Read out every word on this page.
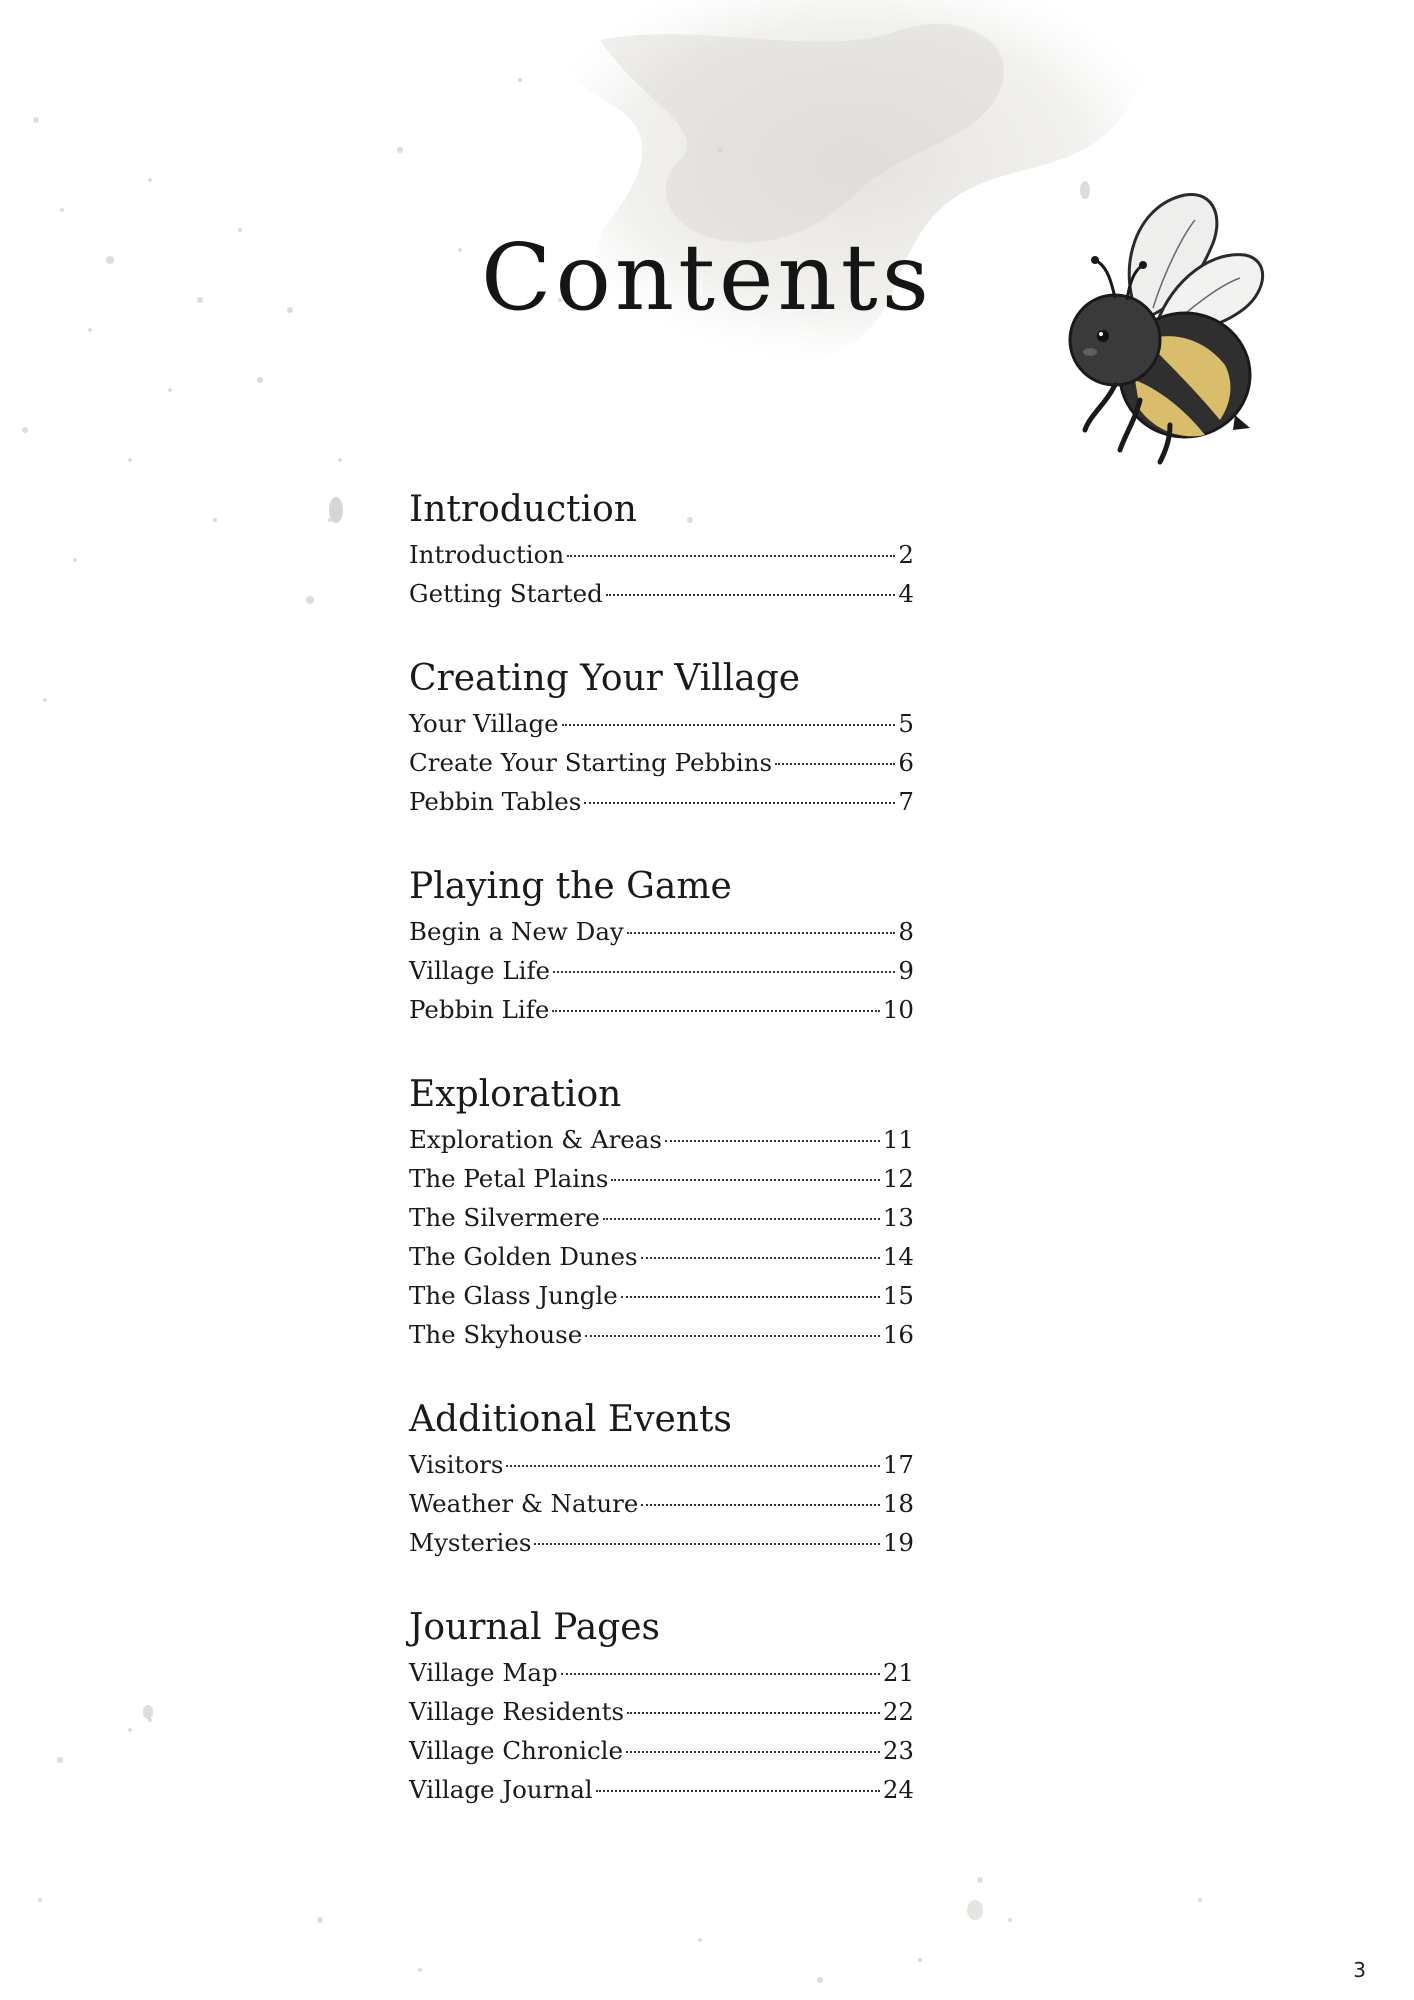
Contents
Introduction
Introduction	2
Getting Started	4
Creating Your Village
Your Village	5
Create Your Starting Pebbins	6
Pebbin Tables	7
Playing the Game
Begin a New Day	8
Village Life	9
Pebbin Life	10
Exploration
Exploration & Areas	11
The Petal Plains	12
The Silvermere	13
The Golden Dunes	14
The Glass Jungle	15
The Skyhouse	16
Additional Events
Visitors	17
Weather & Nature	18
Mysteries	19
Journal Pages
Village Map	21
Village Residents	22
Village Chronicle	23
Village Journal	24
3
